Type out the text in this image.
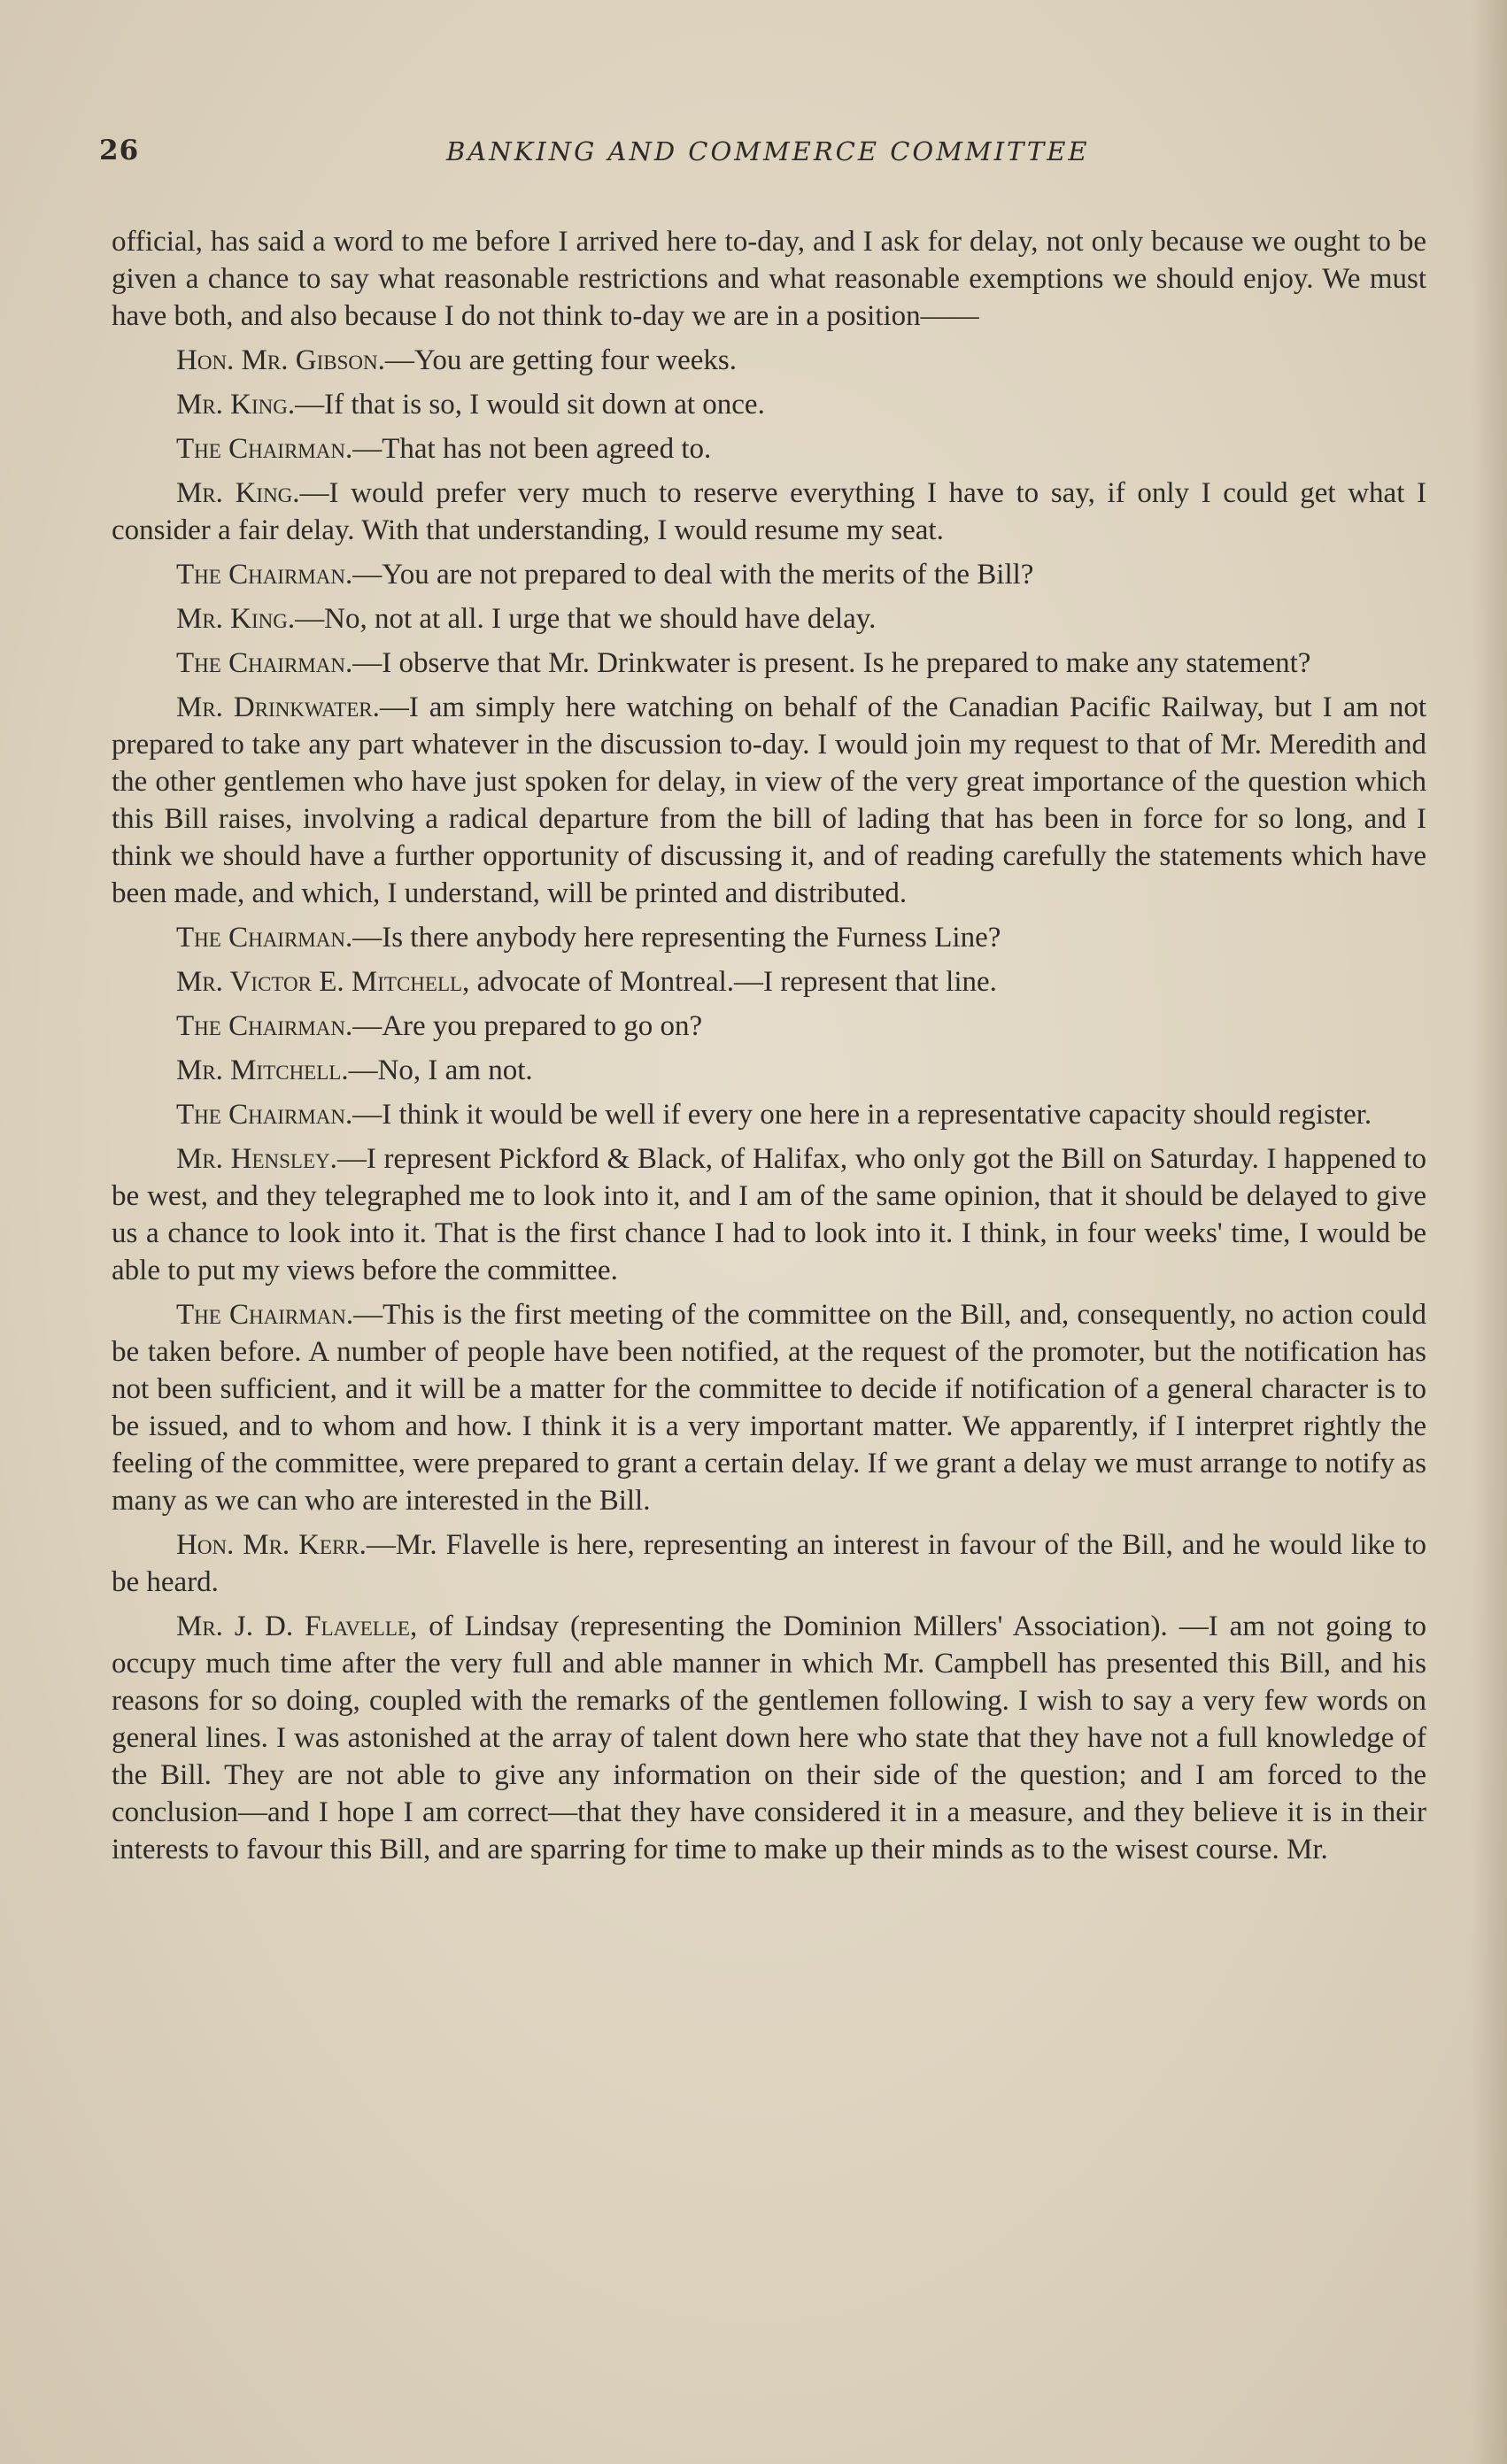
26	BANKING AND COMMERCE COMMITTEE

official, has said a word to me before I arrived here to-day, and I ask for delay, not only because we ought to be given a chance to say what reasonable restrictions and what reasonable exemptions we should enjoy. We must have both, and also because I do not think to-day we are in a position——

Hon. Mr. Gibson.—You are getting four weeks.

Mr. King.—If that is so, I would sit down at once.

The Chairman.—That has not been agreed to.

Mr. King.—I would prefer very much to reserve everything I have to say, if only I could get what I consider a fair delay. With that understanding, I would resume my seat.

The Chairman.—You are not prepared to deal with the merits of the Bill?

Mr. King.—No, not at all. I urge that we should have delay.

The Chairman.—I observe that Mr. Drinkwater is present. Is he prepared to make any statement?

Mr. Drinkwater.—I am simply here watching on behalf of the Canadian Pacific Railway, but I am not prepared to take any part whatever in the discussion to-day. I would join my request to that of Mr. Meredith and the other gentlemen who have just spoken for delay, in view of the very great importance of the question which this Bill raises, involving a radical departure from the bill of lading that has been in force for so long, and I think we should have a further opportunity of discussing it, and of reading carefully the statements which have been made, and which, I understand, will be printed and distributed.

The Chairman.—Is there anybody here representing the Furness Line?

Mr. Victor E. Mitchell, advocate of Montreal.—I represent that line.

The Chairman.—Are you prepared to go on?

Mr. Mitchell.—No, I am not.

The Chairman.—I think it would be well if every one here in a representative capacity should register.

Mr. Hensley.—I represent Pickford & Black, of Halifax, who only got the Bill on Saturday. I happened to be west, and they telegraphed me to look into it, and I am of the same opinion, that it should be delayed to give us a chance to look into it. That is the first chance I had to look into it. I think, in four weeks' time, I would be able to put my views before the committee.

The Chairman.—This is the first meeting of the committee on the Bill, and, consequently, no action could be taken before. A number of people have been notified, at the request of the promoter, but the notification has not been sufficient, and it will be a matter for the committee to decide if notification of a general character is to be issued, and to whom and how. I think it is a very important matter. We apparently, if I interpret rightly the feeling of the committee, were prepared to grant a certain delay. If we grant a delay we must arrange to notify as many as we can who are interested in the Bill.

Hon. Mr. Kerr.—Mr. Flavelle is here, representing an interest in favour of the Bill, and he would like to be heard.

Mr. J. D. Flavelle, of Lindsay (representing the Dominion Millers' Association). —I am not going to occupy much time after the very full and able manner in which Mr. Campbell has presented this Bill, and his reasons for so doing, coupled with the remarks of the gentlemen following. I wish to say a very few words on general lines. I was astonished at the array of talent down here who state that they have not a full knowledge of the Bill. They are not able to give any information on their side of the question; and I am forced to the conclusion—and I hope I am correct—that they have considered it in a measure, and they believe it is in their interests to favour this Bill, and are sparring for time to make up their minds as to the wisest course. Mr.
